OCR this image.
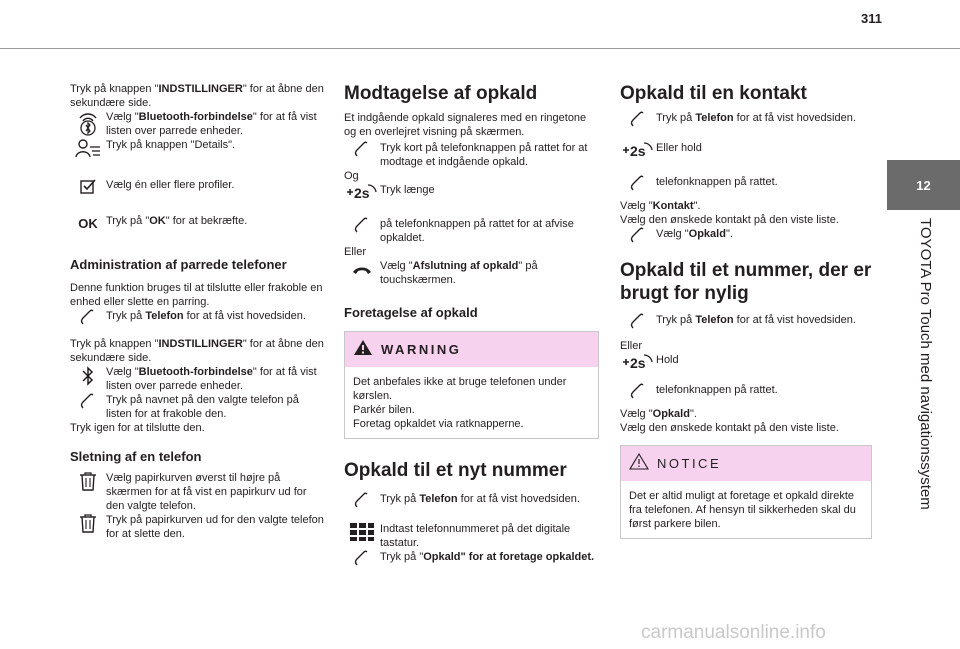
311
12
TOYOTA Pro Touch med navigationssystem

Tryk på knappen "INDSTILLINGER" for at åbne den sekundære side.

Vælg "Bluetooth-forbindelse" for at få vist listen over parrede enheder.

Tryk på knappen "Details".

Vælg én eller flere profiler.

OK Tryk på "OK" for at bekræfte.

Administration af parrede telefoner

Denne funktion bruges til at tilslutte eller frakoble en enhed eller slette en parring.

Tryk på Telefon for at få vist hovedsiden.

Tryk på knappen "INDSTILLINGER" for at åbne den sekundære side.

Vælg "Bluetooth-forbindelse" for at få vist listen over parrede enheder.

Tryk på navnet på den valgte telefon på listen for at frakoble den.

Tryk igen for at tilslutte den.

Sletning af en telefon

Vælg papirkurven øverst til højre på skærmen for at få vist en papirkurv ud for den valgte telefon.

Tryk på papirkurven ud for den valgte telefon for at slette den.

Modtagelse af opkald

Et indgående opkald signaleres med en ringetone og en overlejret visning på skærmen.

Tryk kort på telefonknappen på rattet for at modtage et indgående opkald.

Og

2s Tryk længe

på telefonknappen på rattet for at afvise opkaldet.

Eller

Vælg "Afslutning af opkald" på touchskærmen.

Foretagelse af opkald
WARNING
Det anbefales ikke at bruge telefonen under kørslen.
Parkér bilen.
Foretag opkaldet via ratknapperne.
Opkald til et nyt nummer

Tryk på Telefon for at få vist hovedsiden.

Indtast telefonnummeret på det digitale tastatur.

Tryk på "Opkald" for at foretage opkaldet.

Opkald til en kontakt

Tryk på Telefon for at få vist hovedsiden.

2s Eller hold

telefonknappen på rattet.

Vælg "Kontakt".

Vælg den ønskede kontakt på den viste liste.

Vælg "Opkald".

Opkald til et nummer, der er brugt for nylig

Tryk på Telefon for at få vist hovedsiden.

Eller

2s Hold

telefonknappen på rattet.

Vælg "Opkald".

Vælg den ønskede kontakt på den viste liste.

NOTICE
Det er altid muligt at foretage et opkald direkte fra telefonen. Af hensyn til sikkerheden skal du først parkere bilen.
carmanualsonline.info
